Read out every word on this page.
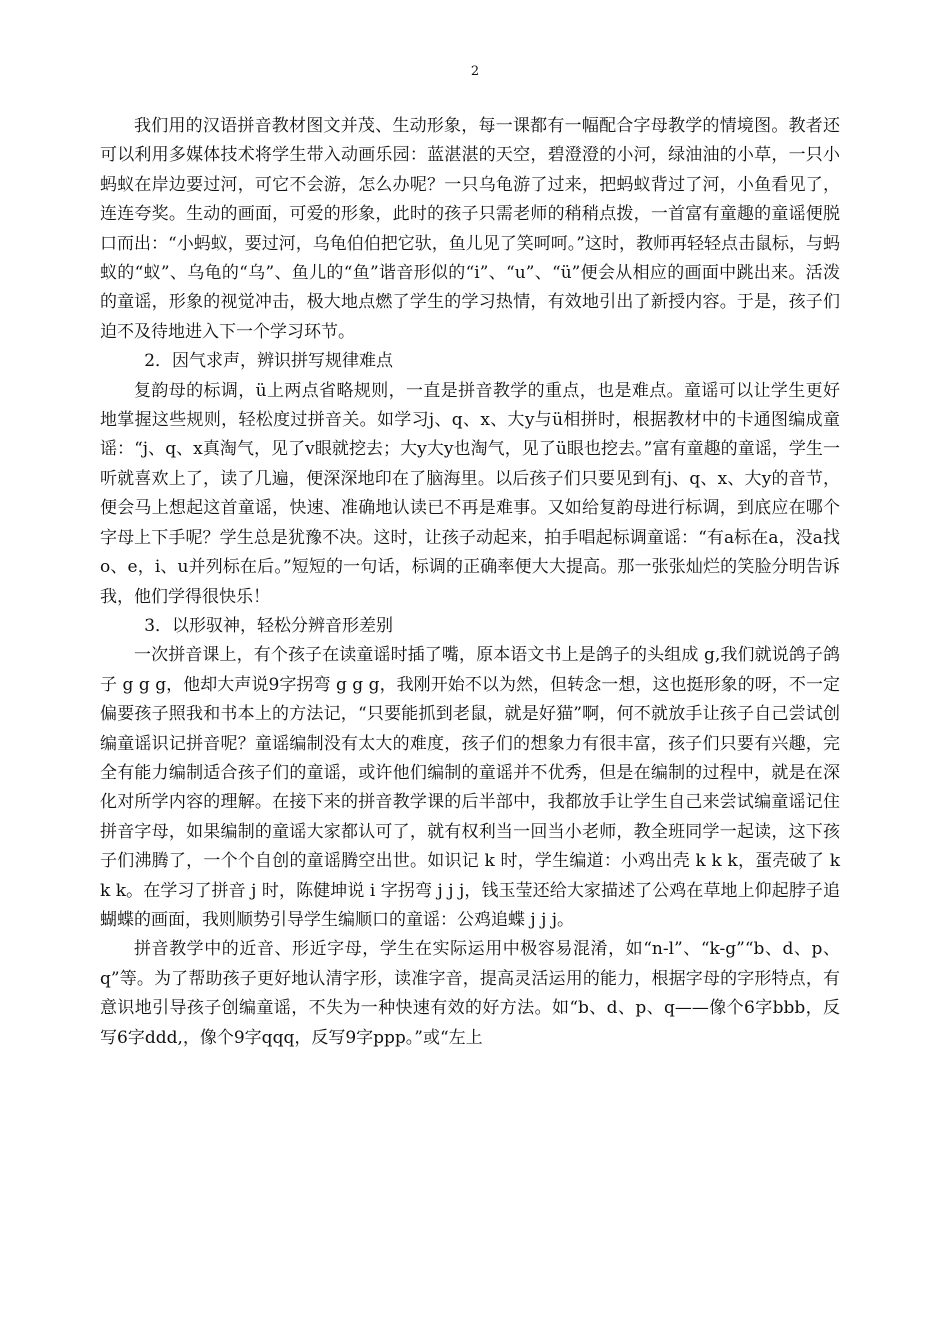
2

我们用的汉语拼音教材图文并茂、生动形象，每一课都有一幅配合字母教学的情境图。教者还可以利用多媒体技术将学生带入动画乐园：蓝湛湛的天空，碧澄澄的小河，绿油油的小草，一只小蚂蚁在岸边要过河，可它不会游，怎么办呢？一只乌龟游了过来，把蚂蚁背过了河，小鱼看见了，连连夸奖。生动的画面，可爱的形象，此时的孩子只需老师的稍稍点拨，一首富有童趣的童谣便脱口而出：“小蚂蚁，要过河，乌龟伯伯把它驮，鱼儿见了笑呵呵。”这时，教师再轻轻点击鼠标，与蚂蚁的“蚁”、乌龟的“乌”、鱼儿的“鱼”谐音形似的“i”、“u”、“ü”便会从相应的画面中跳出来。活泼的童谣，形象的视觉冲击，极大地点燃了学生的学习热情，有效地引出了新授内容。于是，孩子们迫不及待地进入下一个学习环节。

2．因气求声，辨识拼写规律难点

复韵母的标调，ü上两点省略规则，一直是拼音教学的重点，也是难点。童谣可以让学生更好地掌握这些规则，轻松度过拼音关。如学习j、q、x、大y与ü相拼时，根据教材中的卡通图编成童谣：“j、q、x真淘气，见了v眼就挖去；大y大y也淘气，见了ü眼也挖去。”富有童趣的童谣，学生一听就喜欢上了，读了几遍，便深深地印在了脑海里。以后孩子们只要见到有j、q、x、大y的音节，便会马上想起这首童谣，快速、准确地认读已不再是难事。又如给复韵母进行标调，到底应在哪个字母上下手呢？学生总是犹豫不决。这时，让孩子动起来，拍手唱起标调童谣：“有a标在a，没a找o、e，i、u并列标在后。”短短的一句话，标调的正确率便大大提高。那一张张灿烂的笑脸分明告诉我，他们学得很快乐！

3．以形驭神，轻松分辨音形差别

一次拼音课上，有个孩子在读童谣时插了嘴，原本语文书上是鸽子的头组成 g,我们就说鸽子鸽子 g g g，他却大声说9字拐弯 g g g，我刚开始不以为然，但转念一想，这也挺形象的呀，不一定偏要孩子照我和书本上的方法记，“只要能抓到老鼠，就是好猫”啊，何不就放手让孩子自己尝试创编童谣识记拼音呢？童谣编制没有太大的难度，孩子们的想象力有很丰富，孩子们只要有兴趣，完全有能力编制适合孩子们的童谣，或许他们编制的童谣并不优秀，但是在编制的过程中，就是在深化对所学内容的理解。在接下来的拼音教学课的后半部中，我都放手让学生自己来尝试编童谣记住拼音字母，如果编制的童谣大家都认可了，就有权利当一回当小老师，教全班同学一起读，这下孩子们沸腾了，一个个自创的童谣腾空出世。如识记 k 时，学生编道：小鸡出壳 k k k，蛋壳破了 k k k。在学习了拼音 j 时，陈健坤说 i 字拐弯 j j j，钱玉莹还给大家描述了公鸡在草地上仰起脖子追蝴蝶的画面，我则顺势引导学生编顺口的童谣：公鸡追蝶 j j j。

拼音教学中的近音、形近字母，学生在实际运用中极容易混淆，如“n-l”、“k-g”“b、d、p、q”等。为了帮助孩子更好地认清字形，读准字音，提高灵活运用的能力，根据字母的字形特点，有意识地引导孩子创编童谣，不失为一种快速有效的好方法。如“b、d、p、q——像个6字bbb，反写6字ddd,，像个9字qqq，反写9字ppp。”或“左上
